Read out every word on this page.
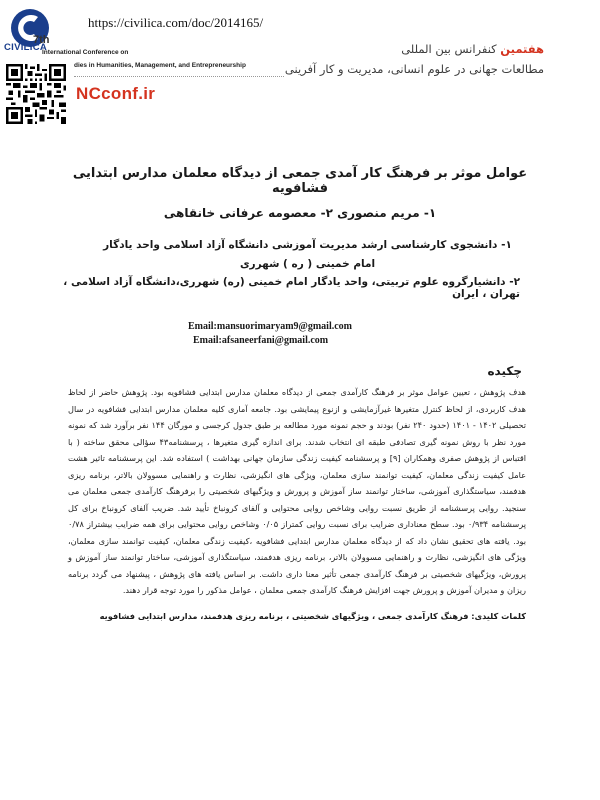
CIVILICA
7th
https://civilica.com/doc/2014165/
International Conference on
dies in Humanities, Management, and Entrepreneurship
NCconf.ir
هفتمین کنفرانس بین المللی
مطالعات جهانی در علوم انسانی، مدیریت و کار آفرینی
عوامل موثر بر فرهنگ کار آمدی جمعی از دیدگاه معلمان مدارس ابتدایی فشافویه
۱- مریم منصوری ۲- معصومه عرفانی خانقاهی
۱- دانشجوی کارشناسی ارشد مدیریت آموزشی دانشگاه آزاد اسلامی واحد یادگار امام خمینی ( ره ) شهرری
۲- دانشیارگروه علوم تربیتی، واحد یادگار امام خمینی (ره) شهرری،دانشگاه آزاد اسلامی ، تهران ، ایران
Email:mansuorimaryam9@gmail.com
Email:afsaneerfani@gmail.com
چکیده
هدف پژوهش ، تعیین عوامل موثر بر فرهنگ کارآمدی جمعی از دیدگاه معلمان مدارس ابتدایی فشافویه بود. پژوهش حاضر از لحاظ هدف کاربردی، از لحاظ کنترل متغیرها غیرآزمایشی و ازنوع پیمایشی بود. جامعه آماری کلیه معلمان مدارس ابتدایی فشافویه در سال تحصیلی ۱۴۰۲ - ۱۴۰۱ (حدود ۲۴۰ نفر) بودند و حجم نمونه مورد مطالعه بر طبق جدول کرجسی و مورگان ۱۴۴ نفر برآورد شد که نمونه مورد نظر با روش نمونه گیری تصادفی طبقه ای انتخاب شدند. برای اندازه گیری متغیرها ، پرسشنامه۴۳ سؤالی محقق ساخته ( با اقتباس از پژوهش صفری وهمکاران [۹] و پرسشنامه کیفیت زندگی سازمان جهانی بهداشت ) استفاده شد. این پرسشنامه تاثیر هشت عامل کیفیت زندگی معلمان، کیفیت توانمند سازی معلمان، ویژگی های انگیزشی، نظارت و راهنمایی مسوولان بالاتر، برنامه ریزی هدفمند، سیاستگذاری آموزشی، ساختار توانمند ساز آموزش و پرورش و ویژگیهای شخصیتی را برفرهنگ کارآمدی جمعی معلمان می سنجید. روایی پرسشنامه از طریق نسبت روایی وشاخص روایی محتوایی و آلفای کرونباخ تأیید شد. ضریب آلفای کرونباخ برای کل پرسشنامه ۰/۹۳۴ بود. سطح معناداری ضرایب برای نسبت روایی کمتراز ۰/۰۵ وشاخص روایی محتوایی برای همه ضرایب بیشتراز ۰/۷۸ بود. یافته های تحقیق نشان داد که از دیدگاه معلمان مدارس ابتدایی فشافویه ،کیفیت زندگی معلمان، کیفیت توانمند سازی معلمان، ویژگی های انگیزشی، نظارت و راهنمایی مسوولان بالاتر، برنامه ریزی هدفمند، سیاستگذاری آموزشی، ساختار توانمند ساز آموزش و پرورش، ویژگیهای شخصیتی بر فرهنگ کارآمدی جمعی تأثیر معنا داری داشت. بر اساس یافته های پژوهش ، پیشنهاد می گردد برنامه ریزان و مدیران آموزش و پرورش جهت افزایش فرهنگ کارآمدی جمعی معلمان ، عوامل مذکور را مورد توجه قرار دهند.
کلمات کلیدی: فرهنگ کارآمدی جمعی ، ویژگیهای شخصیتی ، برنامه ریزی هدفمند، مدارس ابتدایی فشافویه
